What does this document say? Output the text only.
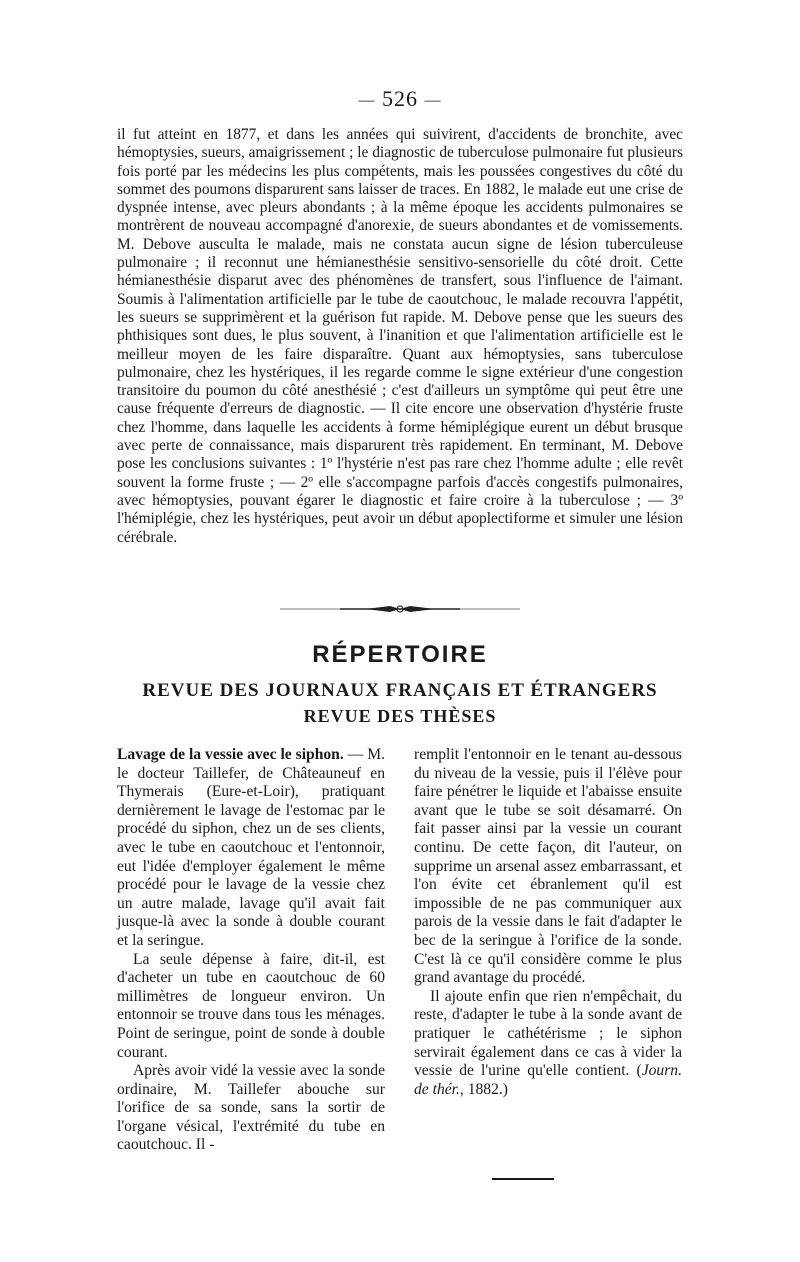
— 526 —

il fut atteint en 1877, et dans les années qui suivirent, d'accidents de bronchite, avec hémoptysies, sueurs, amaigrissement ; le diagnostic de tuberculose pulmonaire fut plusieurs fois porté par les médecins les plus compétents, mais les poussées congestives du côté du sommet des poumons disparurent sans laisser de traces. En 1882, le malade eut une crise de dyspnée intense, avec pleurs abondants ; à la même époque les accidents pulmonaires se montrèrent de nouveau accompagné d'anorexie, de sueurs abondantes et de vomissements. M. Debove ausculta le malade, mais ne constata aucun signe de lésion tuberculeuse pulmonaire ; il reconnut une hémianesthésie sensitivo-sensorielle du côté droit. Cette hémianesthésie disparut avec des phénomènes de transfert, sous l'influence de l'aimant. Soumis à l'alimentation artificielle par le tube de caoutchouc, le malade recouvra l'appétit, les sueurs se supprimèrent et la guérison fut rapide. M. Debove pense que les sueurs des phthisiques sont dues, le plus souvent, à l'inanition et que l'alimentation artificielle est le meilleur moyen de les faire disparaître. Quant aux hémoptysies, sans tuberculose pulmonaire, chez les hystériques, il les regarde comme le signe extérieur d'une congestion transitoire du poumon du côté anesthésié ; c'est d'ailleurs un symptôme qui peut être une cause fréquente d'erreurs de diagnostic. — Il cite encore une observation d'hystérie fruste chez l'homme, dans laquelle les accidents à forme hémiplégique eurent un début brusque avec perte de connaissance, mais disparurent très rapidement. En terminant, M. Debove pose les conclusions suivantes : 1º l'hystérie n'est pas rare chez l'homme adulte ; elle revêt souvent la forme fruste ; — 2º elle s'accompagne parfois d'accès congestifs pulmonaires, avec hémoptysies, pouvant égarer le diagnostic et faire croire à la tuberculose ; — 3º l'hémiplégie, chez les hystériques, peut avoir un début apoplectiforme et simuler une lésion cérébrale.

RÉPERTOIRE
REVUE DES JOURNAUX FRANÇAIS ET ÉTRANGERS
REVUE DES THÈSES

Lavage de la vessie avec le siphon. — M. le docteur Taillefer, de Châteauneuf en Thymerais (Eure-et-Loir), pratiquant dernièrement le lavage de l'estomac par le procédé du siphon, chez un de ses clients, avec le tube en caoutchouc et l'entonnoir, eut l'idée d'employer également le même procédé pour le lavage de la vessie chez un autre malade, lavage qu'il avait fait jusque-là avec la sonde à double courant et la seringue.

La seule dépense à faire, dit-il, est d'acheter un tube en caoutchouc de 60 millimètres de longueur environ. Un entonnoir se trouve dans tous les ménages. Point de seringue, point de sonde à double courant.

Après avoir vidé la vessie avec la sonde ordinaire, M. Taillefer abouche sur l'orifice de sa sonde, sans la sortir de l'organe vésical, l'extrémité du tube en caoutchouc. Il -

remplit l'entonnoir en le tenant au-dessous du niveau de la vessie, puis il l'élève pour faire pénétrer le liquide et l'abaisse ensuite avant que le tube se soit désamarré. On fait passer ainsi par la vessie un courant continu. De cette façon, dit l'auteur, on supprime un arsenal assez embarrassant, et l'on évite cet ébranlement qu'il est impossible de ne pas communiquer aux parois de la vessie dans le fait d'adapter le bec de la seringue à l'orifice de la sonde. C'est là ce qu'il considère comme le plus grand avantage du procédé.

Il ajoute enfin que rien n'empêchait, du reste, d'adapter le tube à la sonde avant de pratiquer le cathétérisme ; le siphon servirait également dans ce cas à vider la vessie de l'urine qu'elle contient. (Journ. de thér., 1882.)
